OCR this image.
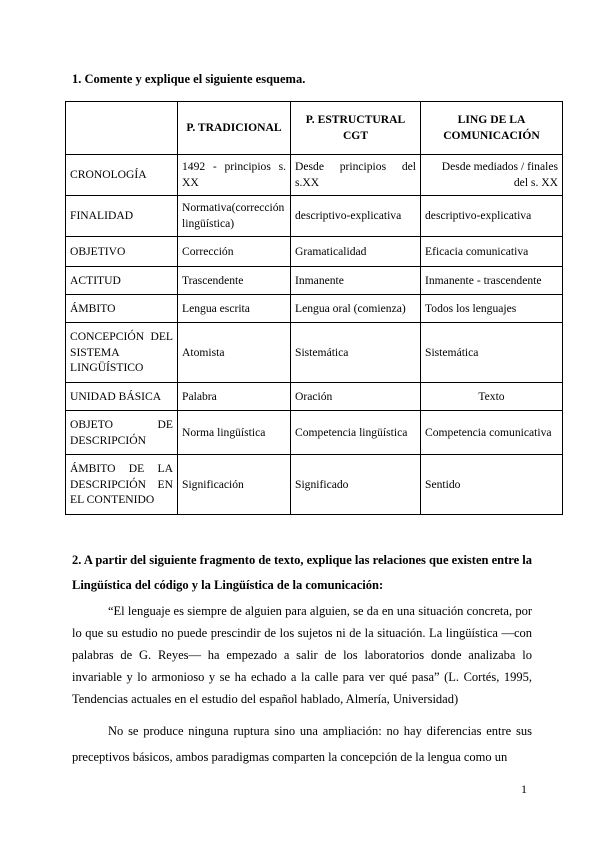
1. Comente y explique el siguiente esquema.

	P. TRADICIONAL	P. ESTRUCTURAL CGT	LING DE LA COMUNICACIÓN
CRONOLOGÍA	1492 - principios s. XX	Desde principios del s.XX	Desde mediados / finales del s. XX
FINALIDAD	Normativa(corrección lingüística)	descriptivo-explicativa	descriptivo-explicativa
OBJETIVO	Corrección	Gramaticalidad	Eficacia comunicativa
ACTITUD	Trascendente	Inmanente	Inmanente - trascendente
ÁMBITO	Lengua escrita	Lengua oral (comienza)	Todos los lenguajes
CONCEPCIÓN DEL SISTEMA LINGÜÍSTICO	Atomista	Sistemática	Sistemática
UNIDAD BÁSICA	Palabra	Oración	Texto
OBJETO DE DESCRIPCIÓN	Norma lingüística	Competencia lingüística	Competencia comunicativa
ÁMBITO DE LA DESCRIPCIÓN EN EL CONTENIDO	Significación	Significado	Sentido

2. A partir del siguiente fragmento de texto, explique las relaciones que existen entre la Lingüística del código y la Lingüística de la comunicación:

“El lenguaje es siempre de alguien para alguien, se da en una situación concreta, por lo que su estudio no puede prescindir de los sujetos ni de la situación. La lingüística —con palabras de G. Reyes— ha empezado a salir de los laboratorios donde analizaba lo invariable y lo armonioso y se ha echado a la calle para ver qué pasa” (L. Cortés, 1995, Tendencias actuales en el estudio del español hablado, Almería, Universidad)

No se produce ninguna ruptura sino una ampliación: no hay diferencias entre sus preceptivos básicos, ambos paradigmas comparten la concepción de la lengua como un

1
